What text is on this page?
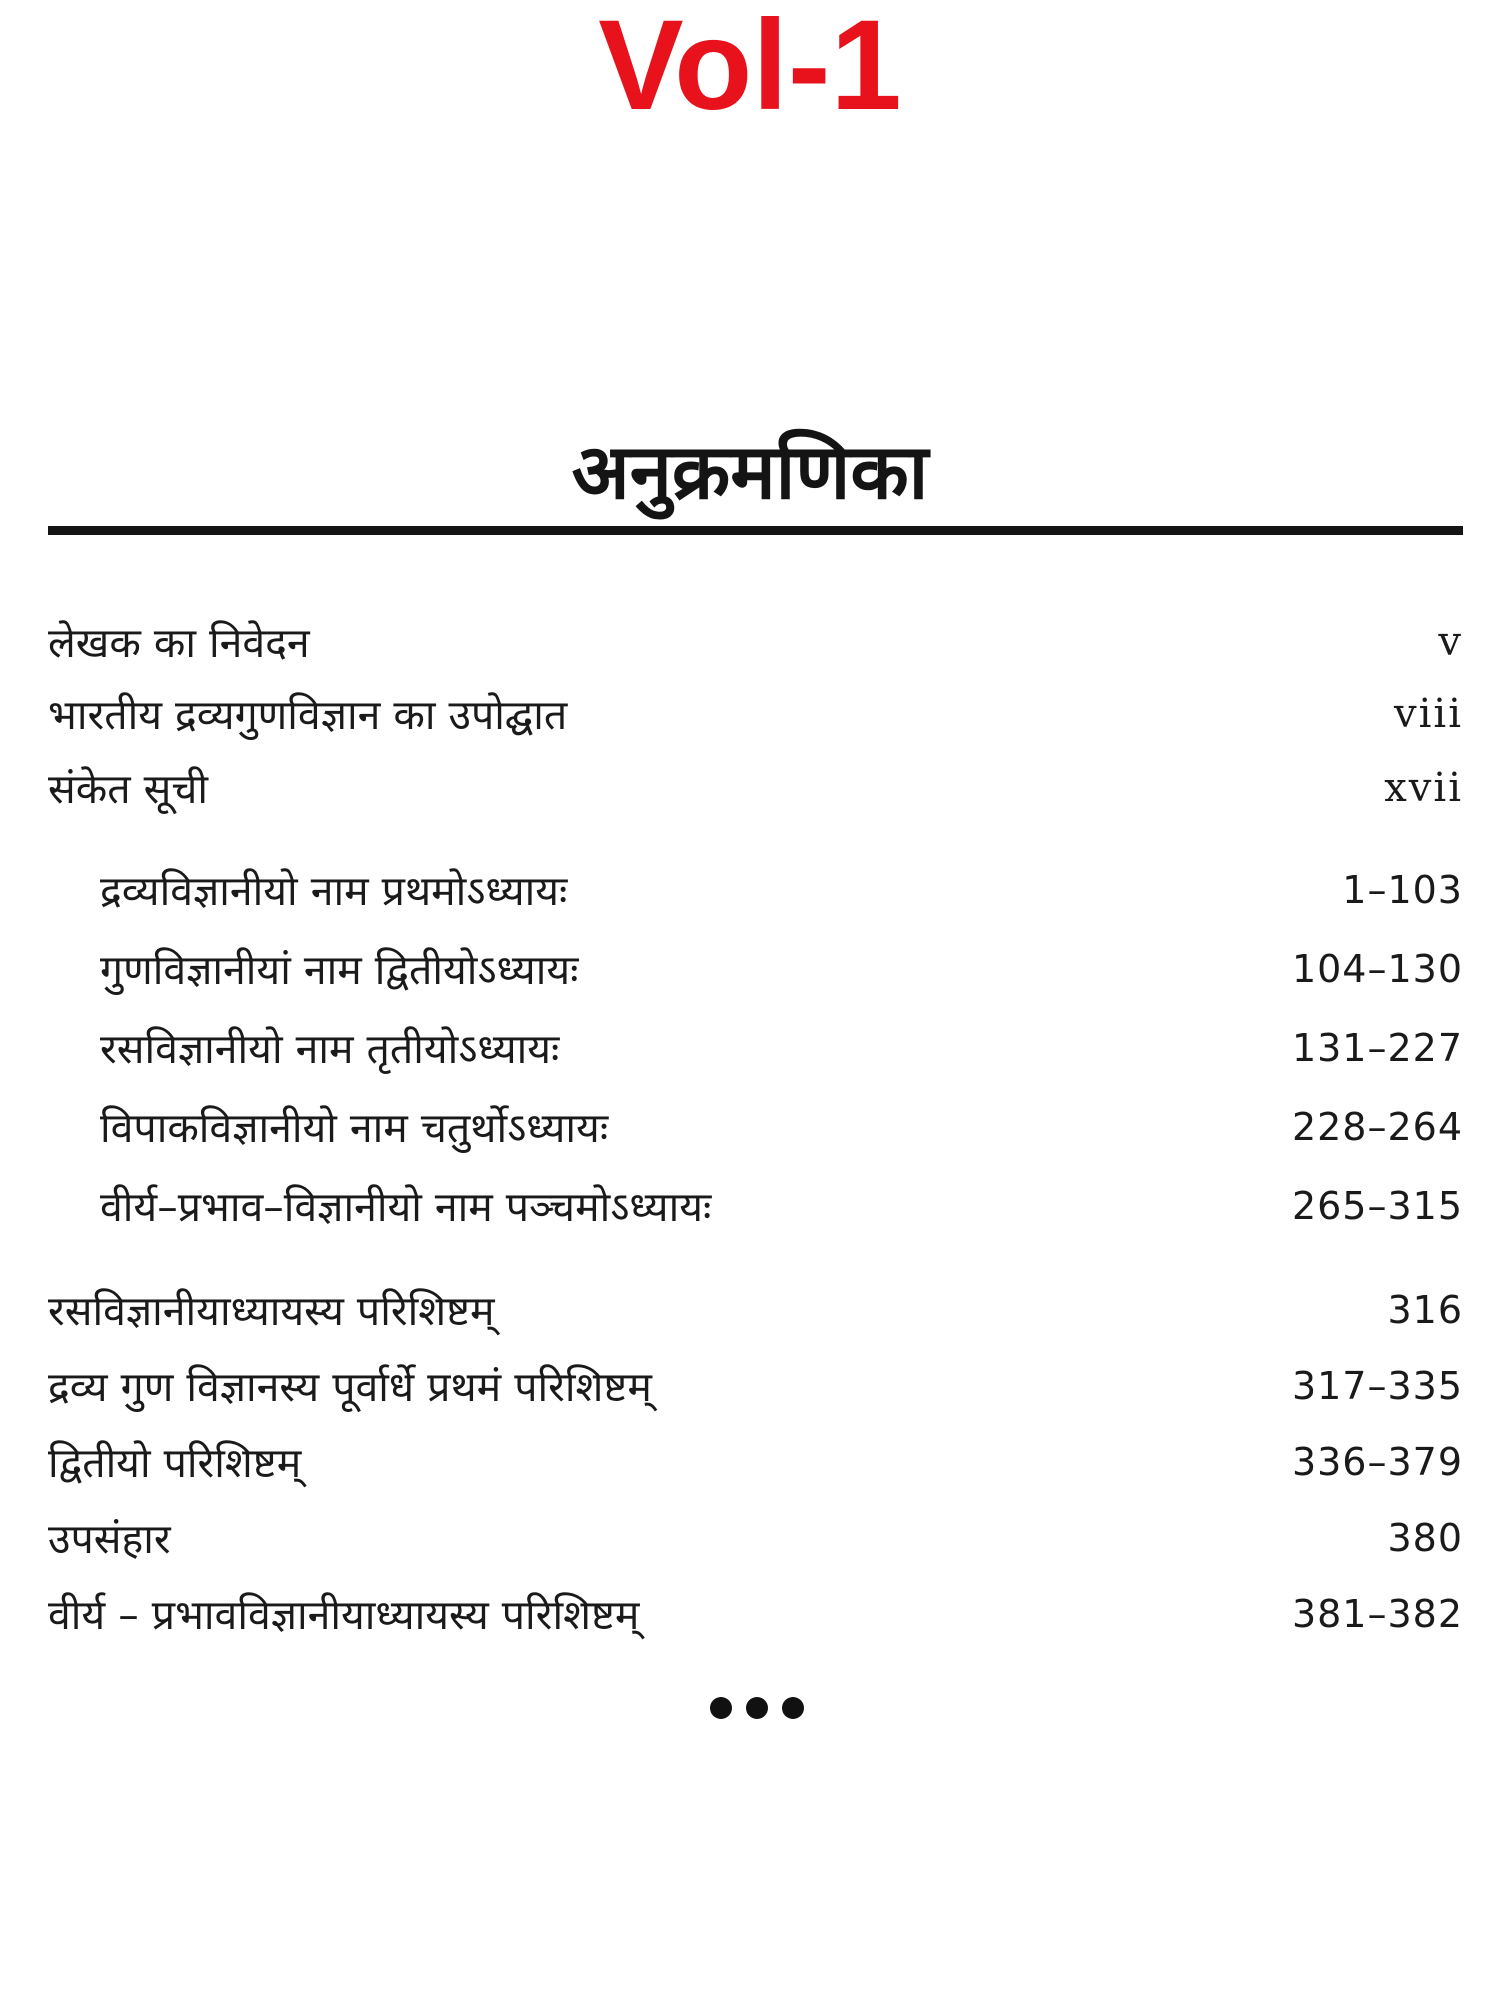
Vol-1
अनुक्रमणिका
लेखक का निवेदन	v
भारतीय द्रव्यगुणविज्ञान का उपोद्घात	viii
संकेत सूची	xvii
द्रव्यविज्ञानीयो नाम प्रथमोऽध्यायः	1–103
गुणविज्ञानीयां नाम द्वितीयोऽध्यायः	104–130
रसविज्ञानीयो नाम तृतीयोऽध्यायः	131–227
विपाकविज्ञानीयो नाम चतुर्थोऽध्यायः	228–264
वीर्य–प्रभाव–विज्ञानीयो नाम पञ्चमोऽध्यायः	265–315
रसविज्ञानीयाध्यायस्य परिशिष्टम्	316
द्रव्य गुण विज्ञानस्य पूर्वार्धे प्रथमं परिशिष्टम्	317–335
द्वितीयो परिशिष्टम्	336–379
उपसंहार	380
वीर्य – प्रभावविज्ञानीयाध्यायस्य परिशिष्टम्	381–382
